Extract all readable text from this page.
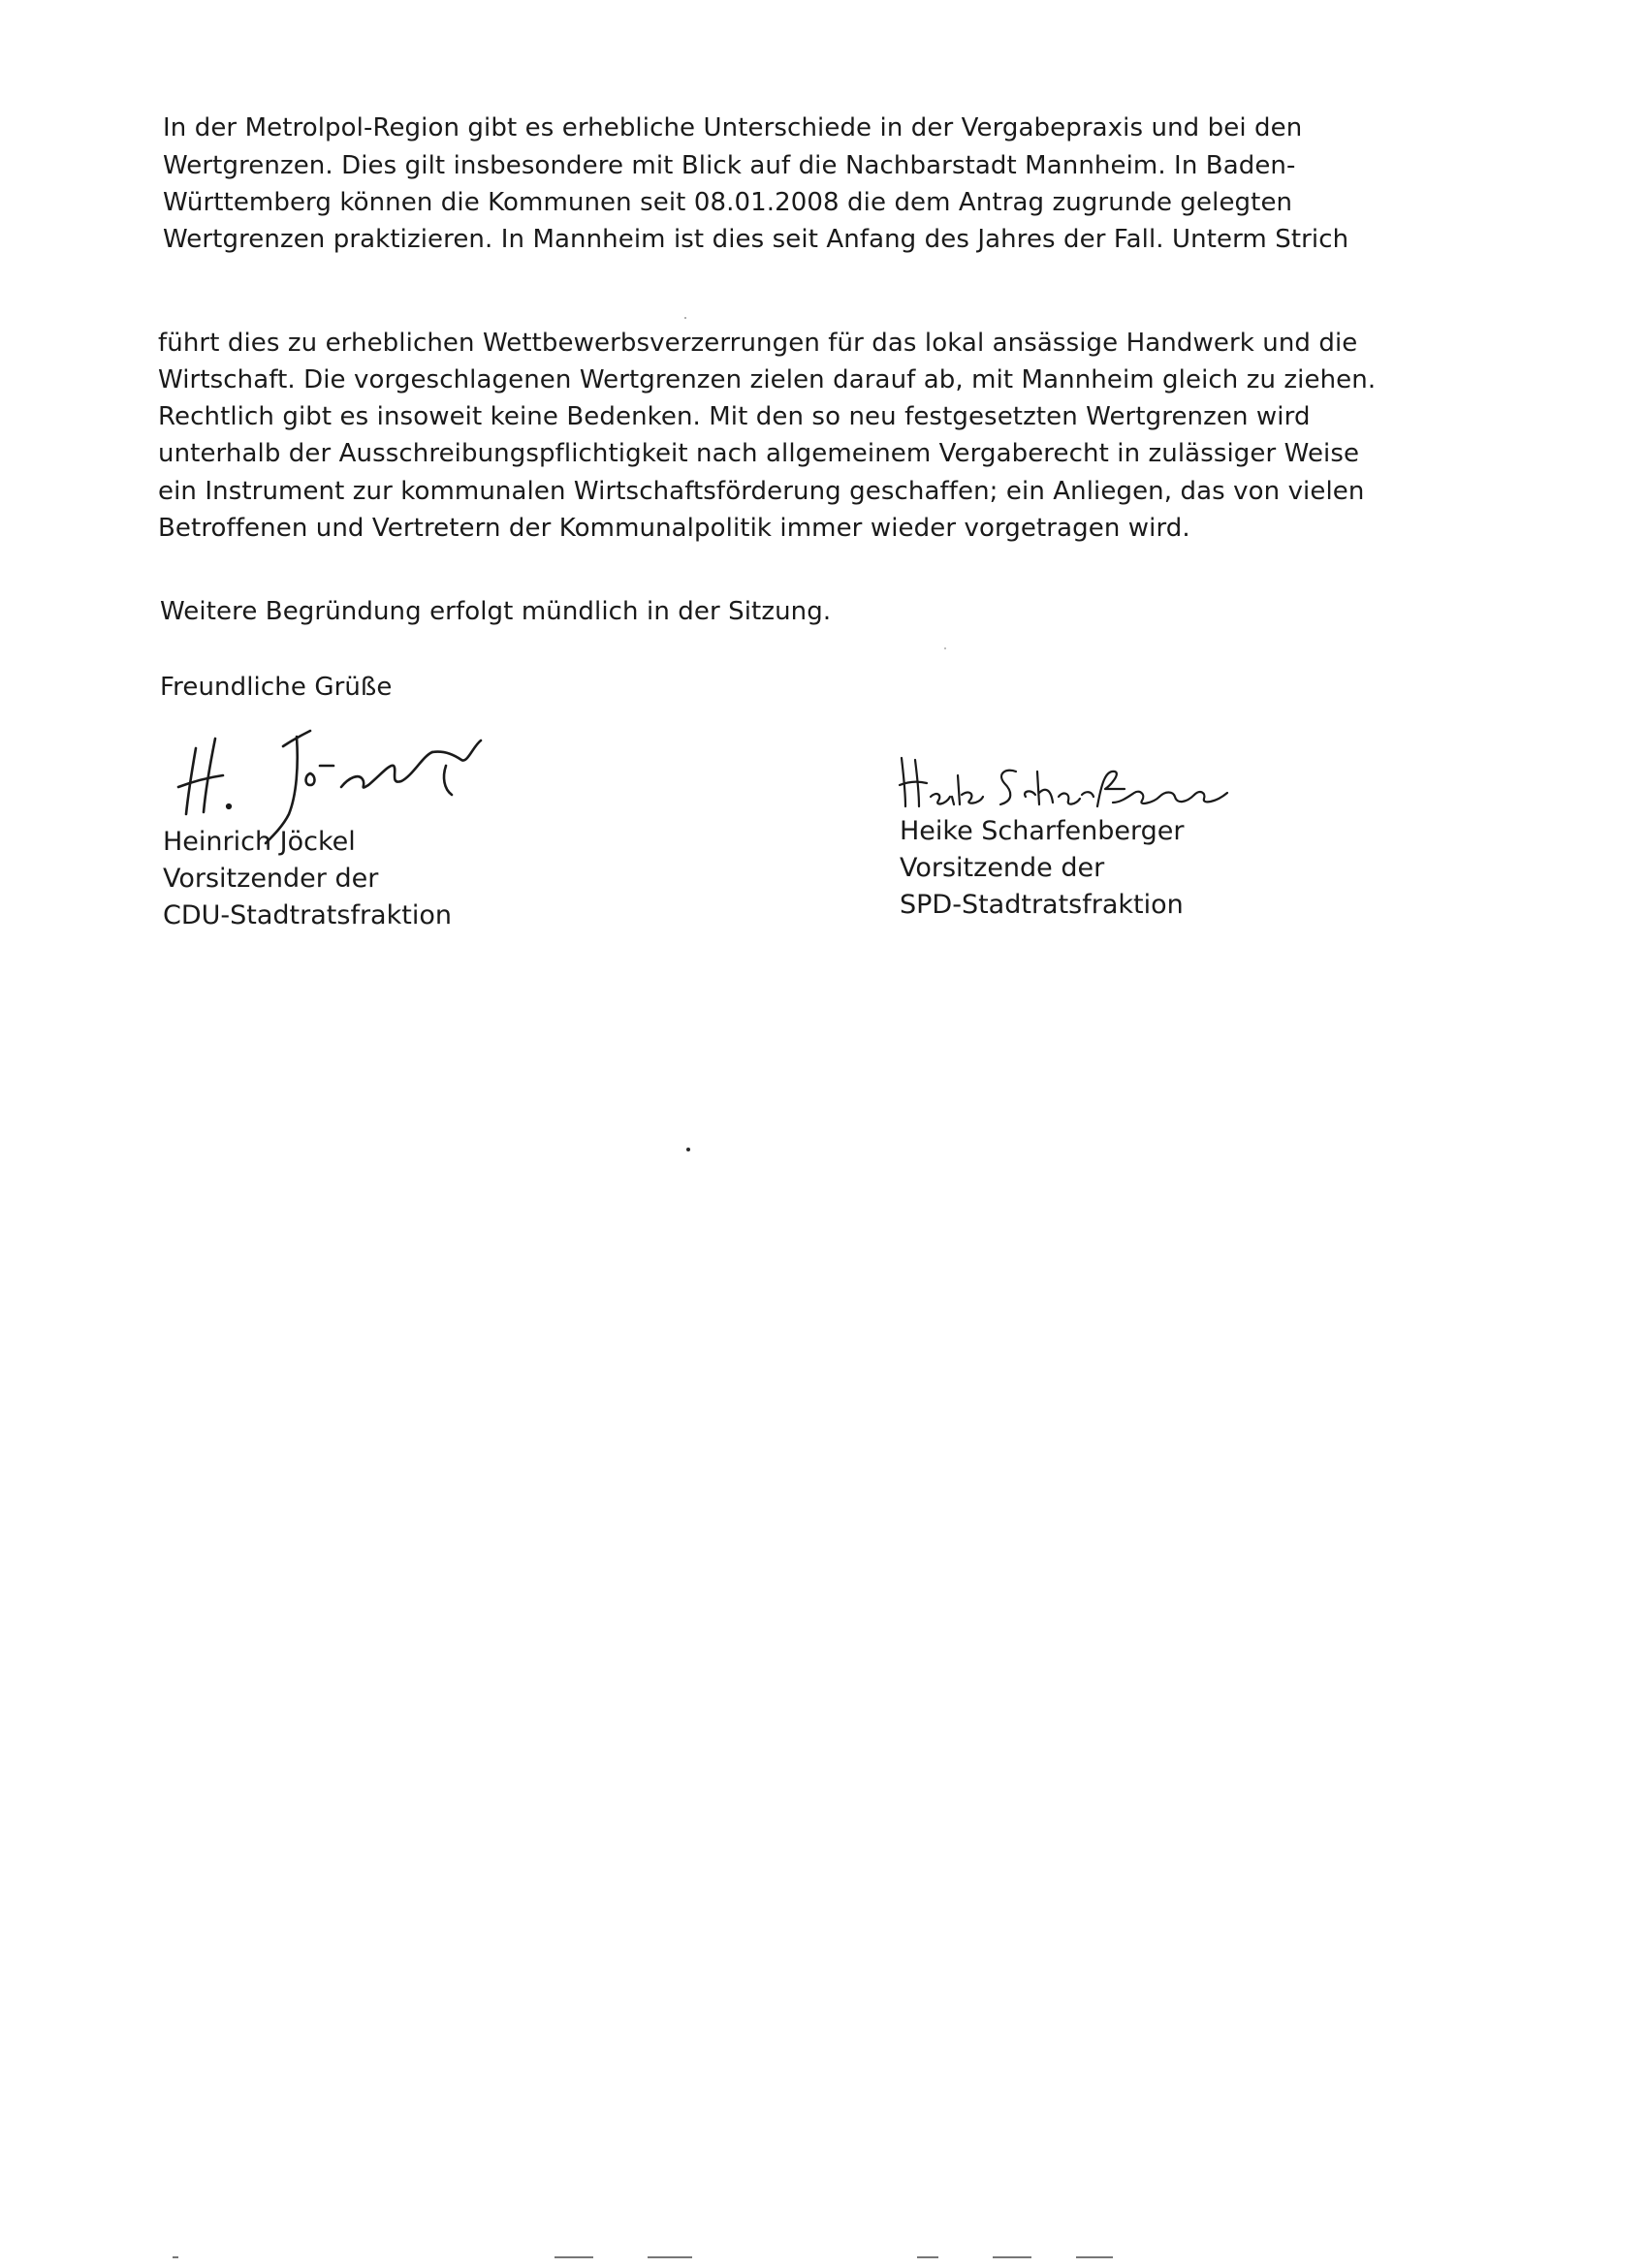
In der Metrolpol-Region gibt es erhebliche Unterschiede in der Vergabepraxis und bei den
Wertgrenzen. Dies gilt insbesondere mit Blick auf die Nachbarstadt Mannheim. In Baden-
Württemberg können die Kommunen seit 08.01.2008 die dem Antrag zugrunde gelegten
Wertgrenzen praktizieren. In Mannheim ist dies seit Anfang des Jahres der Fall. Unterm Strich
führt dies zu erheblichen Wettbewerbsverzerrungen für das lokal ansässige Handwerk und die
Wirtschaft. Die vorgeschlagenen Wertgrenzen zielen darauf ab, mit Mannheim gleich zu ziehen.
Rechtlich gibt es insoweit keine Bedenken. Mit den so neu festgesetzten Wertgrenzen wird
unterhalb der Ausschreibungspflichtigkeit nach allgemeinem Vergaberecht in zulässiger Weise
ein Instrument zur kommunalen Wirtschaftsförderung geschaffen; ein Anliegen, das von vielen
Betroffenen und Vertretern der Kommunalpolitik immer wieder vorgetragen wird.
Weitere Begründung erfolgt mündlich in der Sitzung.
Freundliche Grüße
Heinrich Jöckel
Vorsitzender der
CDU-Stadtratsfraktion
Heike Scharfenberger
Vorsitzende der
SPD-Stadtratsfraktion
